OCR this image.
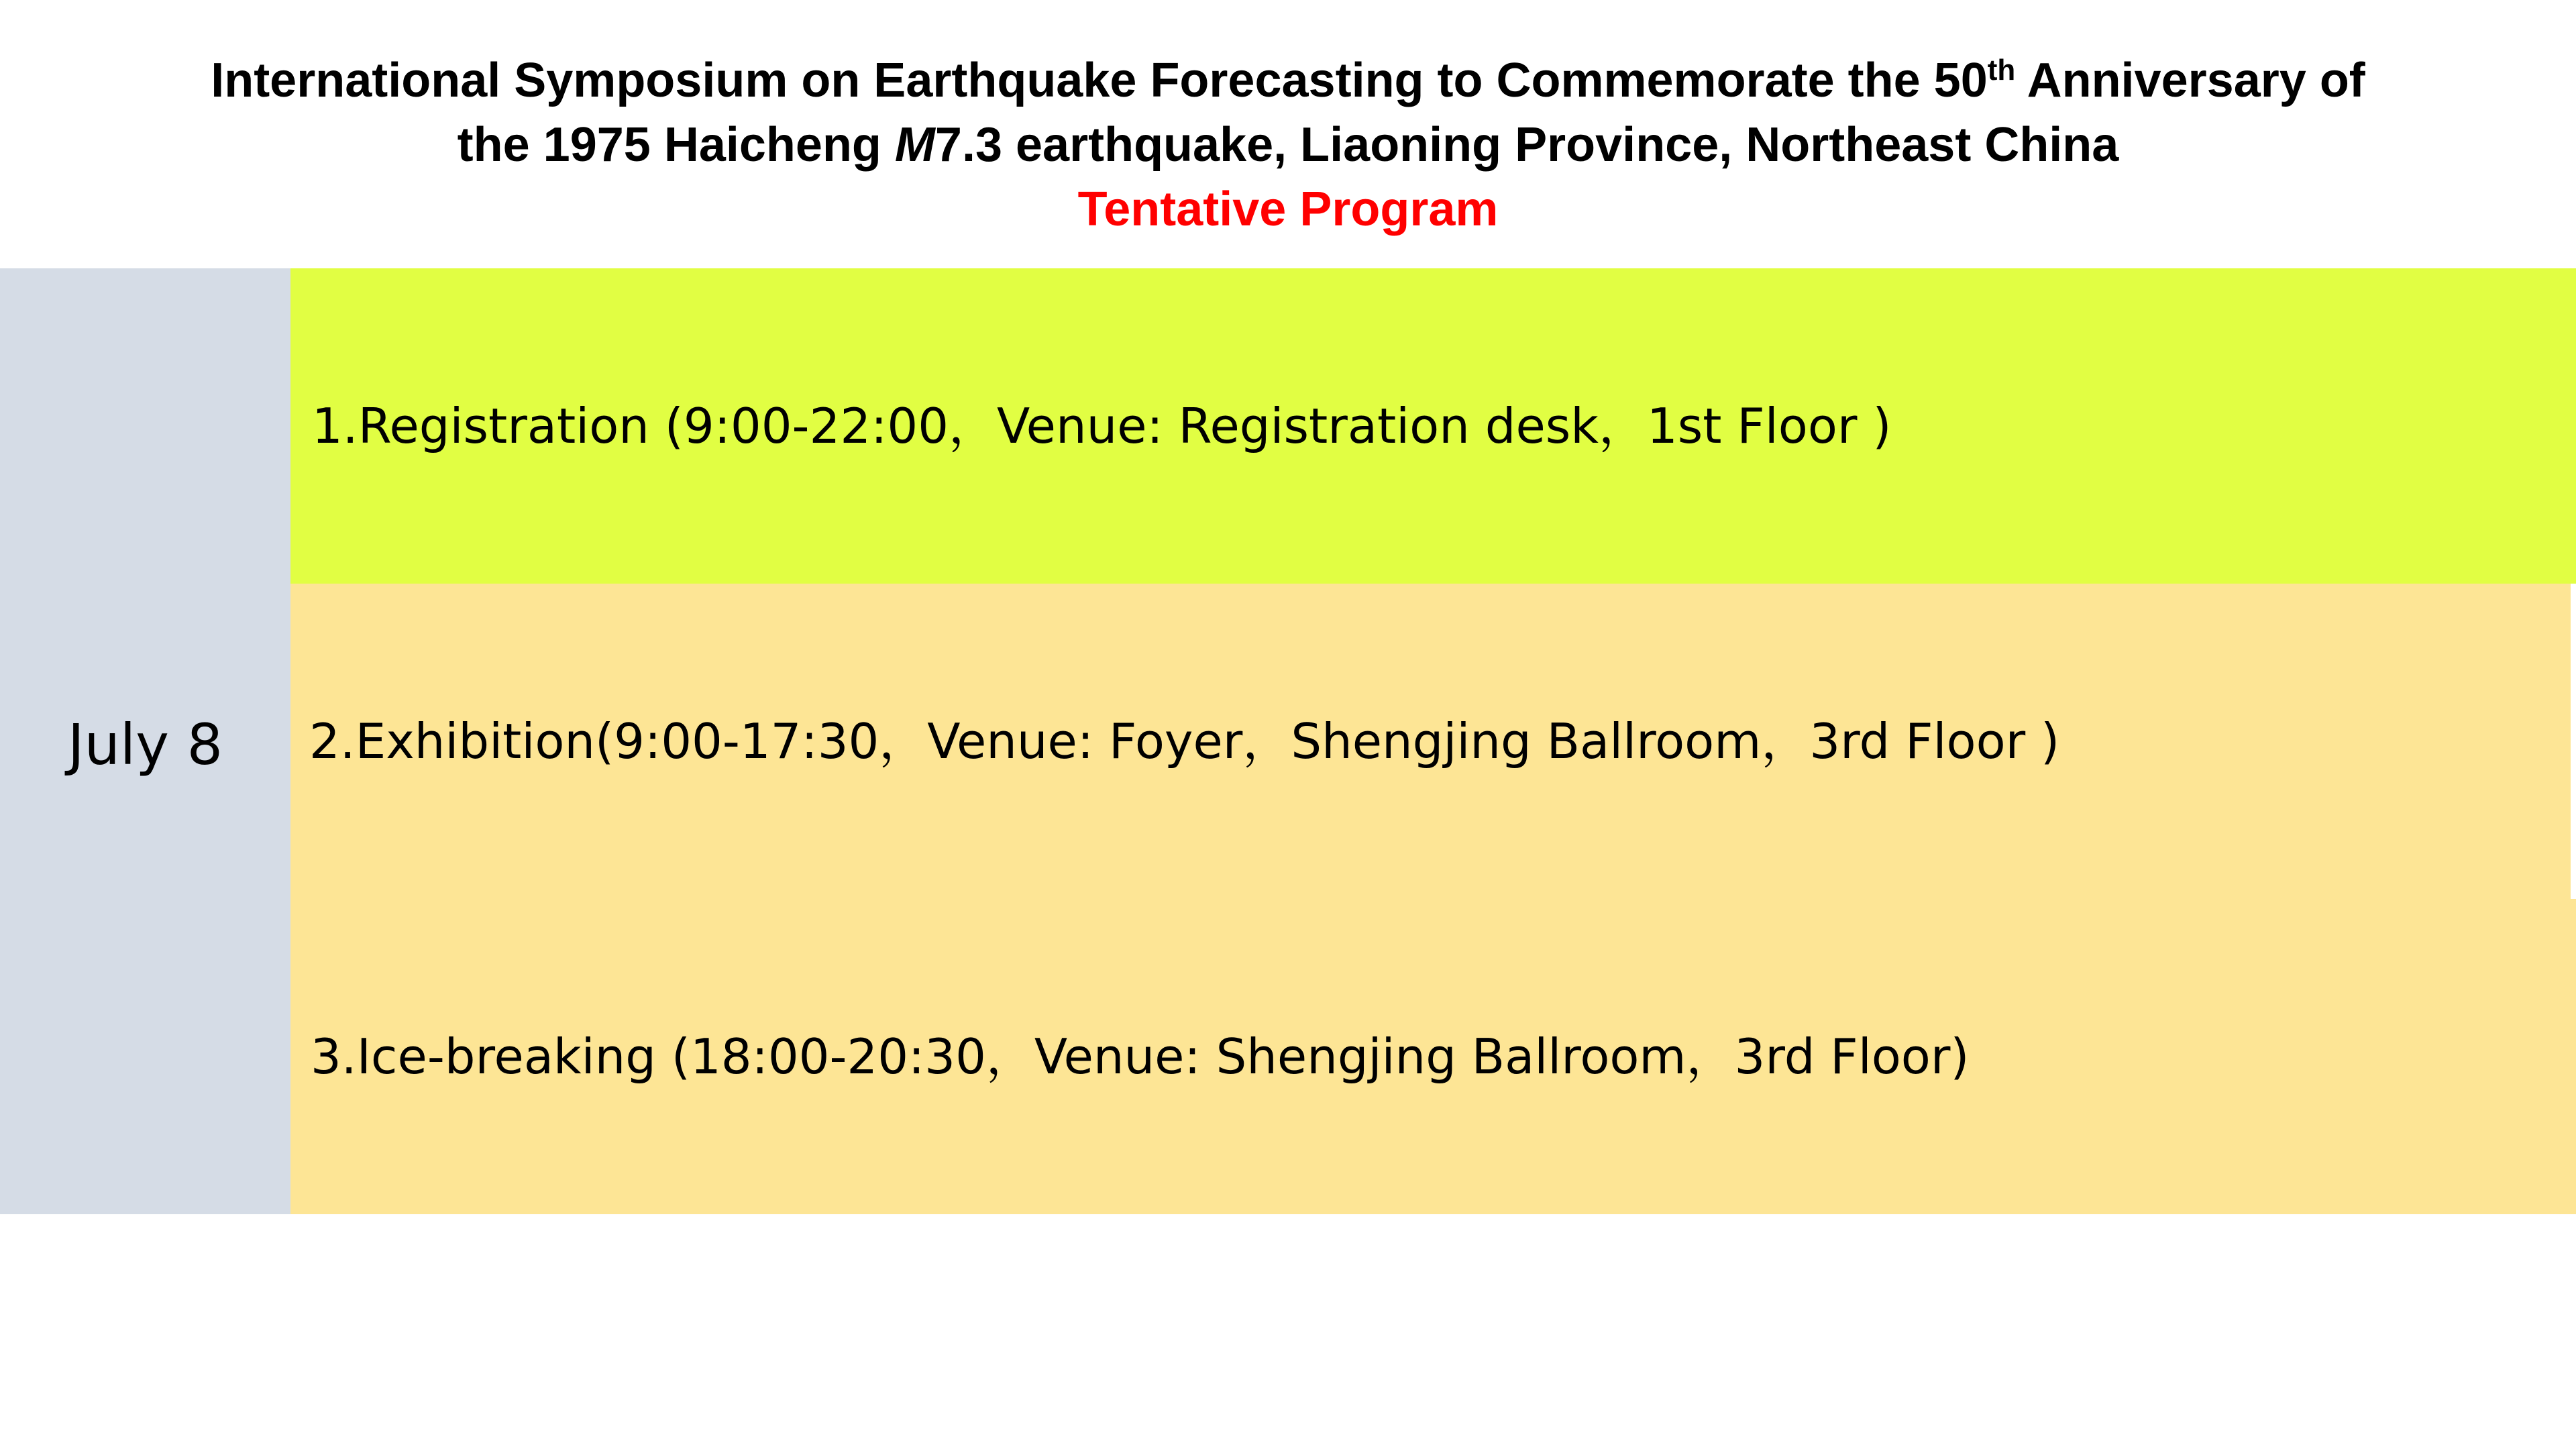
International Symposium on Earthquake Forecasting to Commemorate the 50th Anniversary of
the 1975 Haicheng M7.3 earthquake, Liaoning Province, Northeast China
Tentative Program
July 8
1.Registration (9:00-22:00，Venue: Registration desk，1st Floor )
2.Exhibition(9:00-17:30，Venue: Foyer，Shengjing Ballroom，3rd Floor )
3.Ice-breaking (18:00-20:30，Venue: Shengjing Ballroom，3rd Floor)
